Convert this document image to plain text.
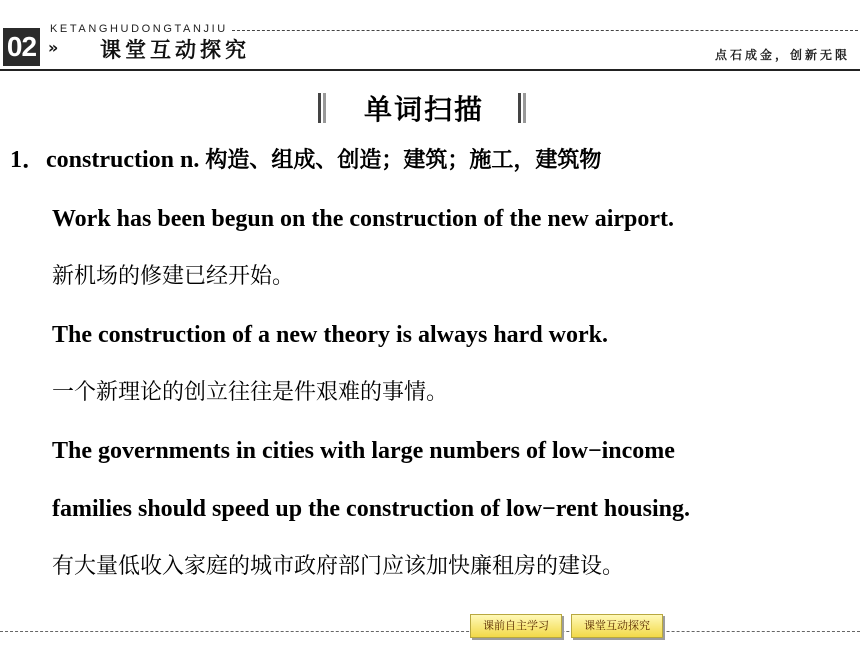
02
KETANGHUDONGTANJIU
» 课堂互动探究	点石成金，创新无限
单词扫描
1．construction n. 构造、组成、创造；建筑；施工，建筑物
Work has been begun on the construction of the new airport.
新机场的修建已经开始。
The construction of a new theory is always hard work.
一个新理论的创立往往是件艰难的事情。
The governments in cities with large numbers of low−income
families should speed up the construction of low−rent housing.
有大量低收入家庭的城市政府部门应该加快廉租房的建设。
课前自主学习	课堂互动探究
